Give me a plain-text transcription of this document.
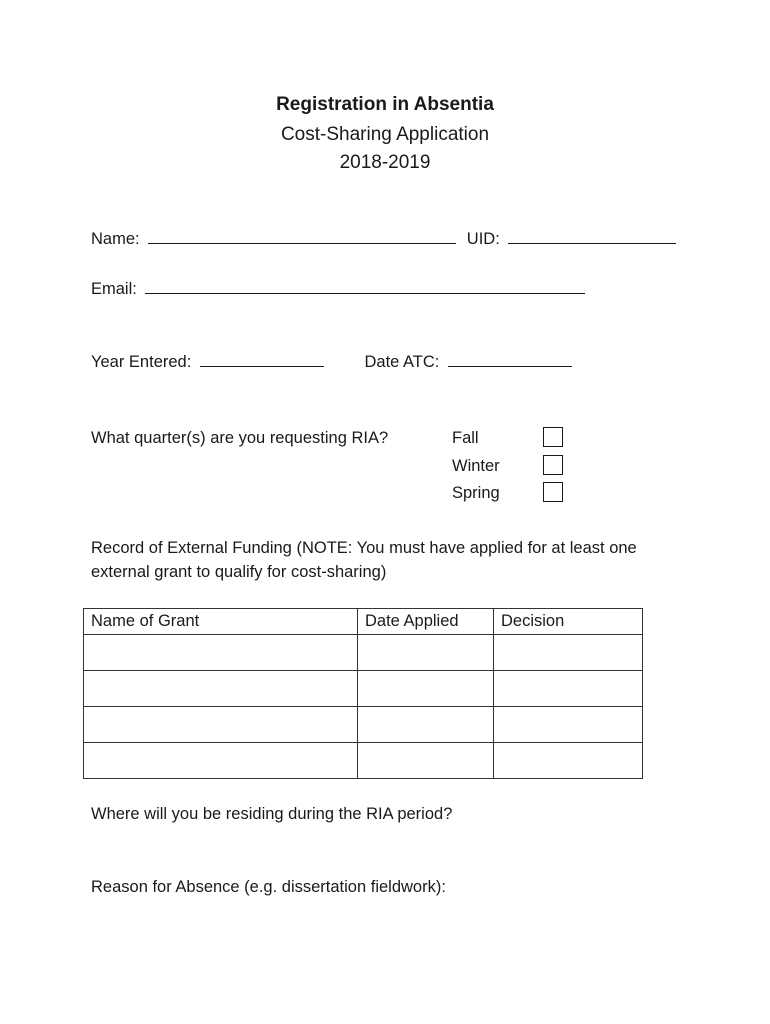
Registration in Absentia
Cost-Sharing Application
2018-2019
Name:	UID:
Email:
Year Entered:	Date ATC:
What quarter(s) are you requesting RIA?	Fall
Winter
Spring
Record of External Funding (NOTE: You must have applied for at least one external grant to qualify for cost-sharing)
Name of Grant	Date Applied	Decision

Where will you be residing during the RIA period?
Reason for Absence (e.g. dissertation fieldwork):
